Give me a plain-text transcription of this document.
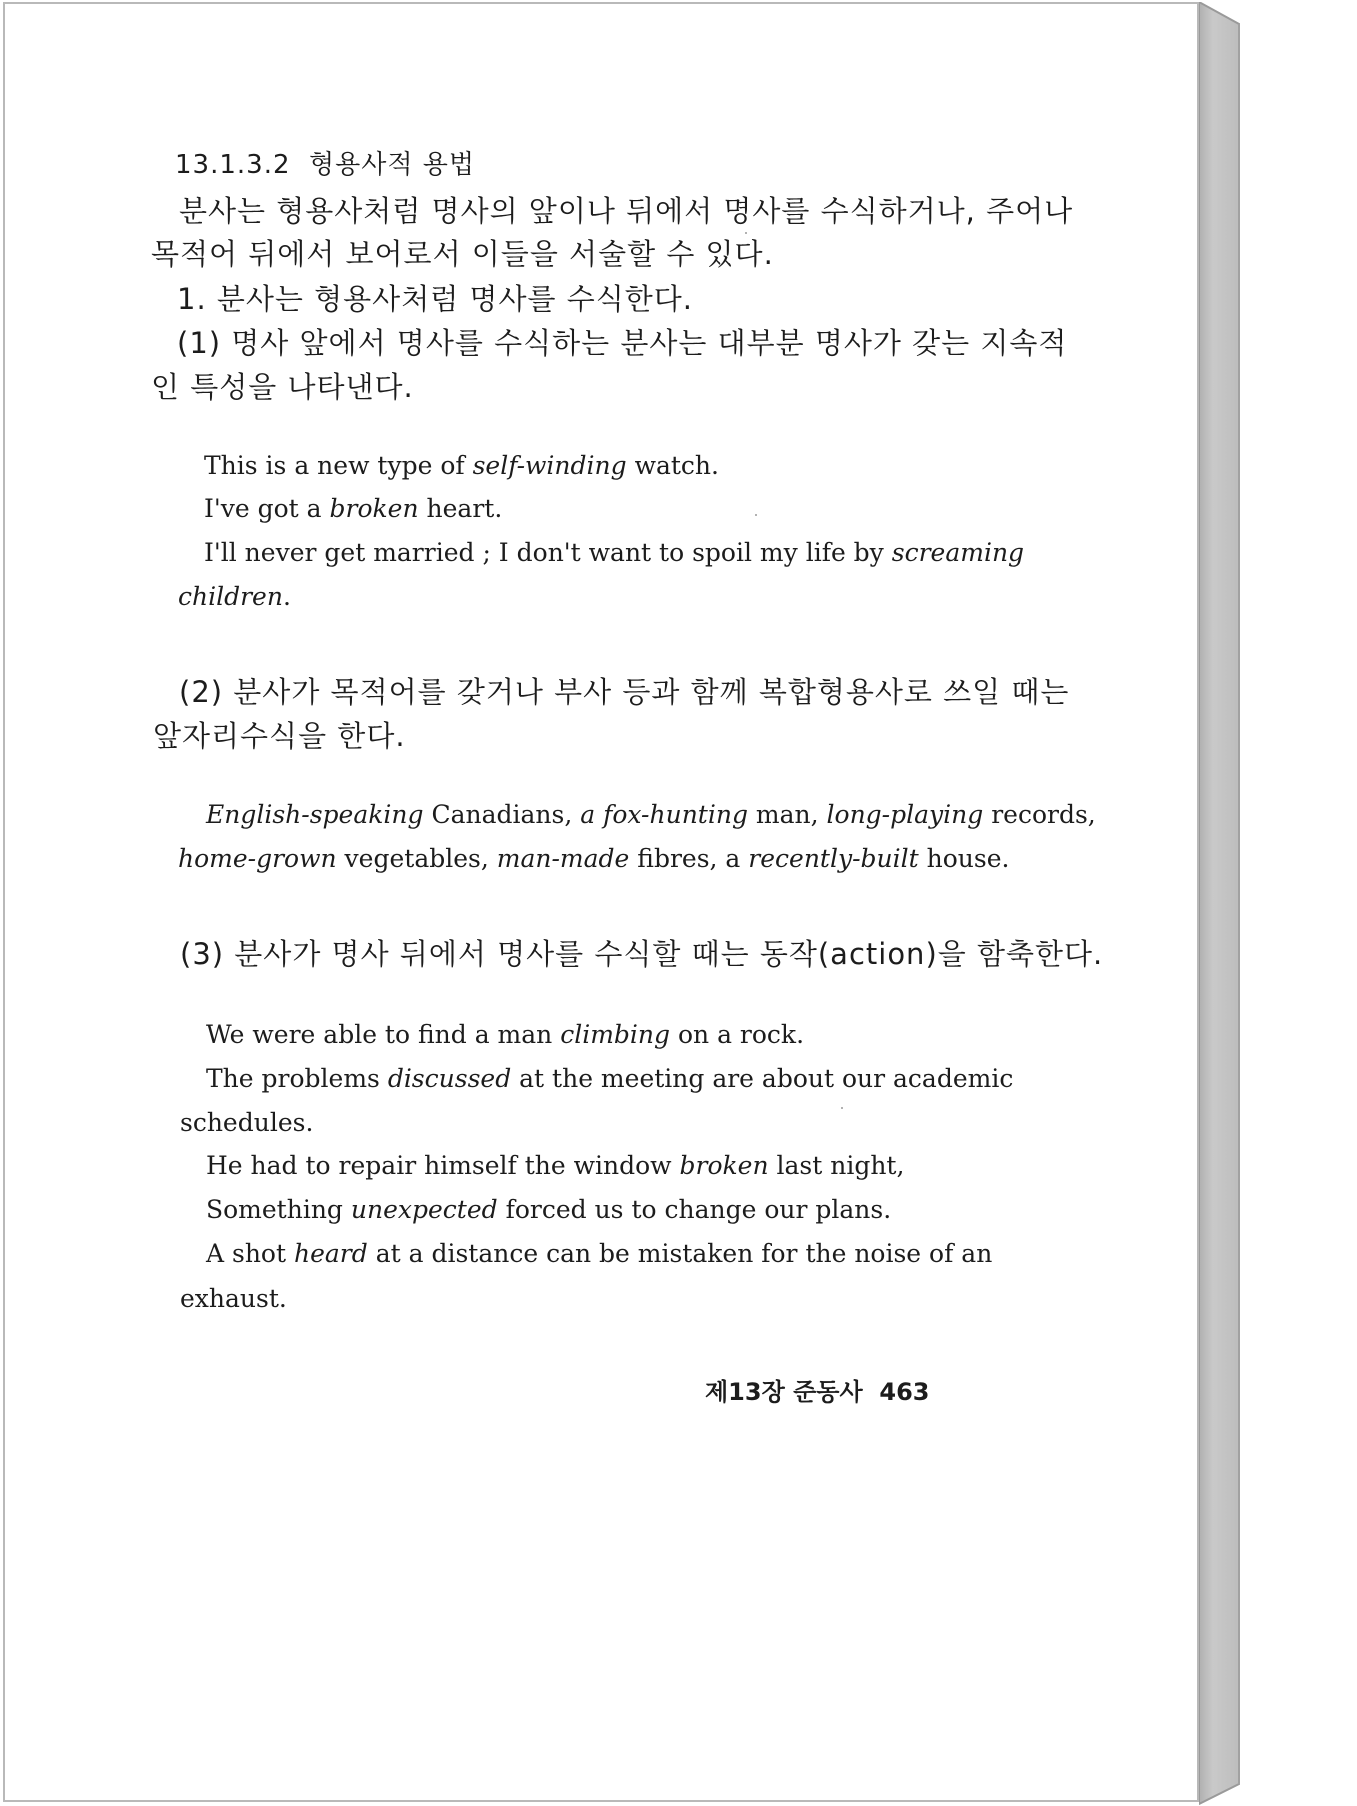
13.1.3.2 형용사적 용법
분사는 형용사처럼 명사의 앞이나 뒤에서 명사를 수식하거나, 주어나
목적어 뒤에서 보어로서 이들을 서술할 수 있다.
1. 분사는 형용사처럼 명사를 수식한다.
(1) 명사 앞에서 명사를 수식하는 분사는 대부분 명사가 갖는 지속적
인 특성을 나타낸다.
This is a new type of self-winding watch.
I've got a broken heart.
I'll never get married ; I don't want to spoil my life by screaming
children.
(2) 분사가 목적어를 갖거나 부사 등과 함께 복합형용사로 쓰일 때는
앞자리수식을 한다.
English-speaking Canadians, a fox-hunting man, long-playing records,
home-grown vegetables, man-made fibres, a recently-built house.
(3) 분사가 명사 뒤에서 명사를 수식할 때는 동작(action)을 함축한다.
We were able to find a man climbing on a rock.
The problems discussed at the meeting are about our academic
schedules.
He had to repair himself the window broken last night,
Something unexpected forced us to change our plans.
A shot heard at a distance can be mistaken for the noise of an
exhaust.
제13장 준동사 463
